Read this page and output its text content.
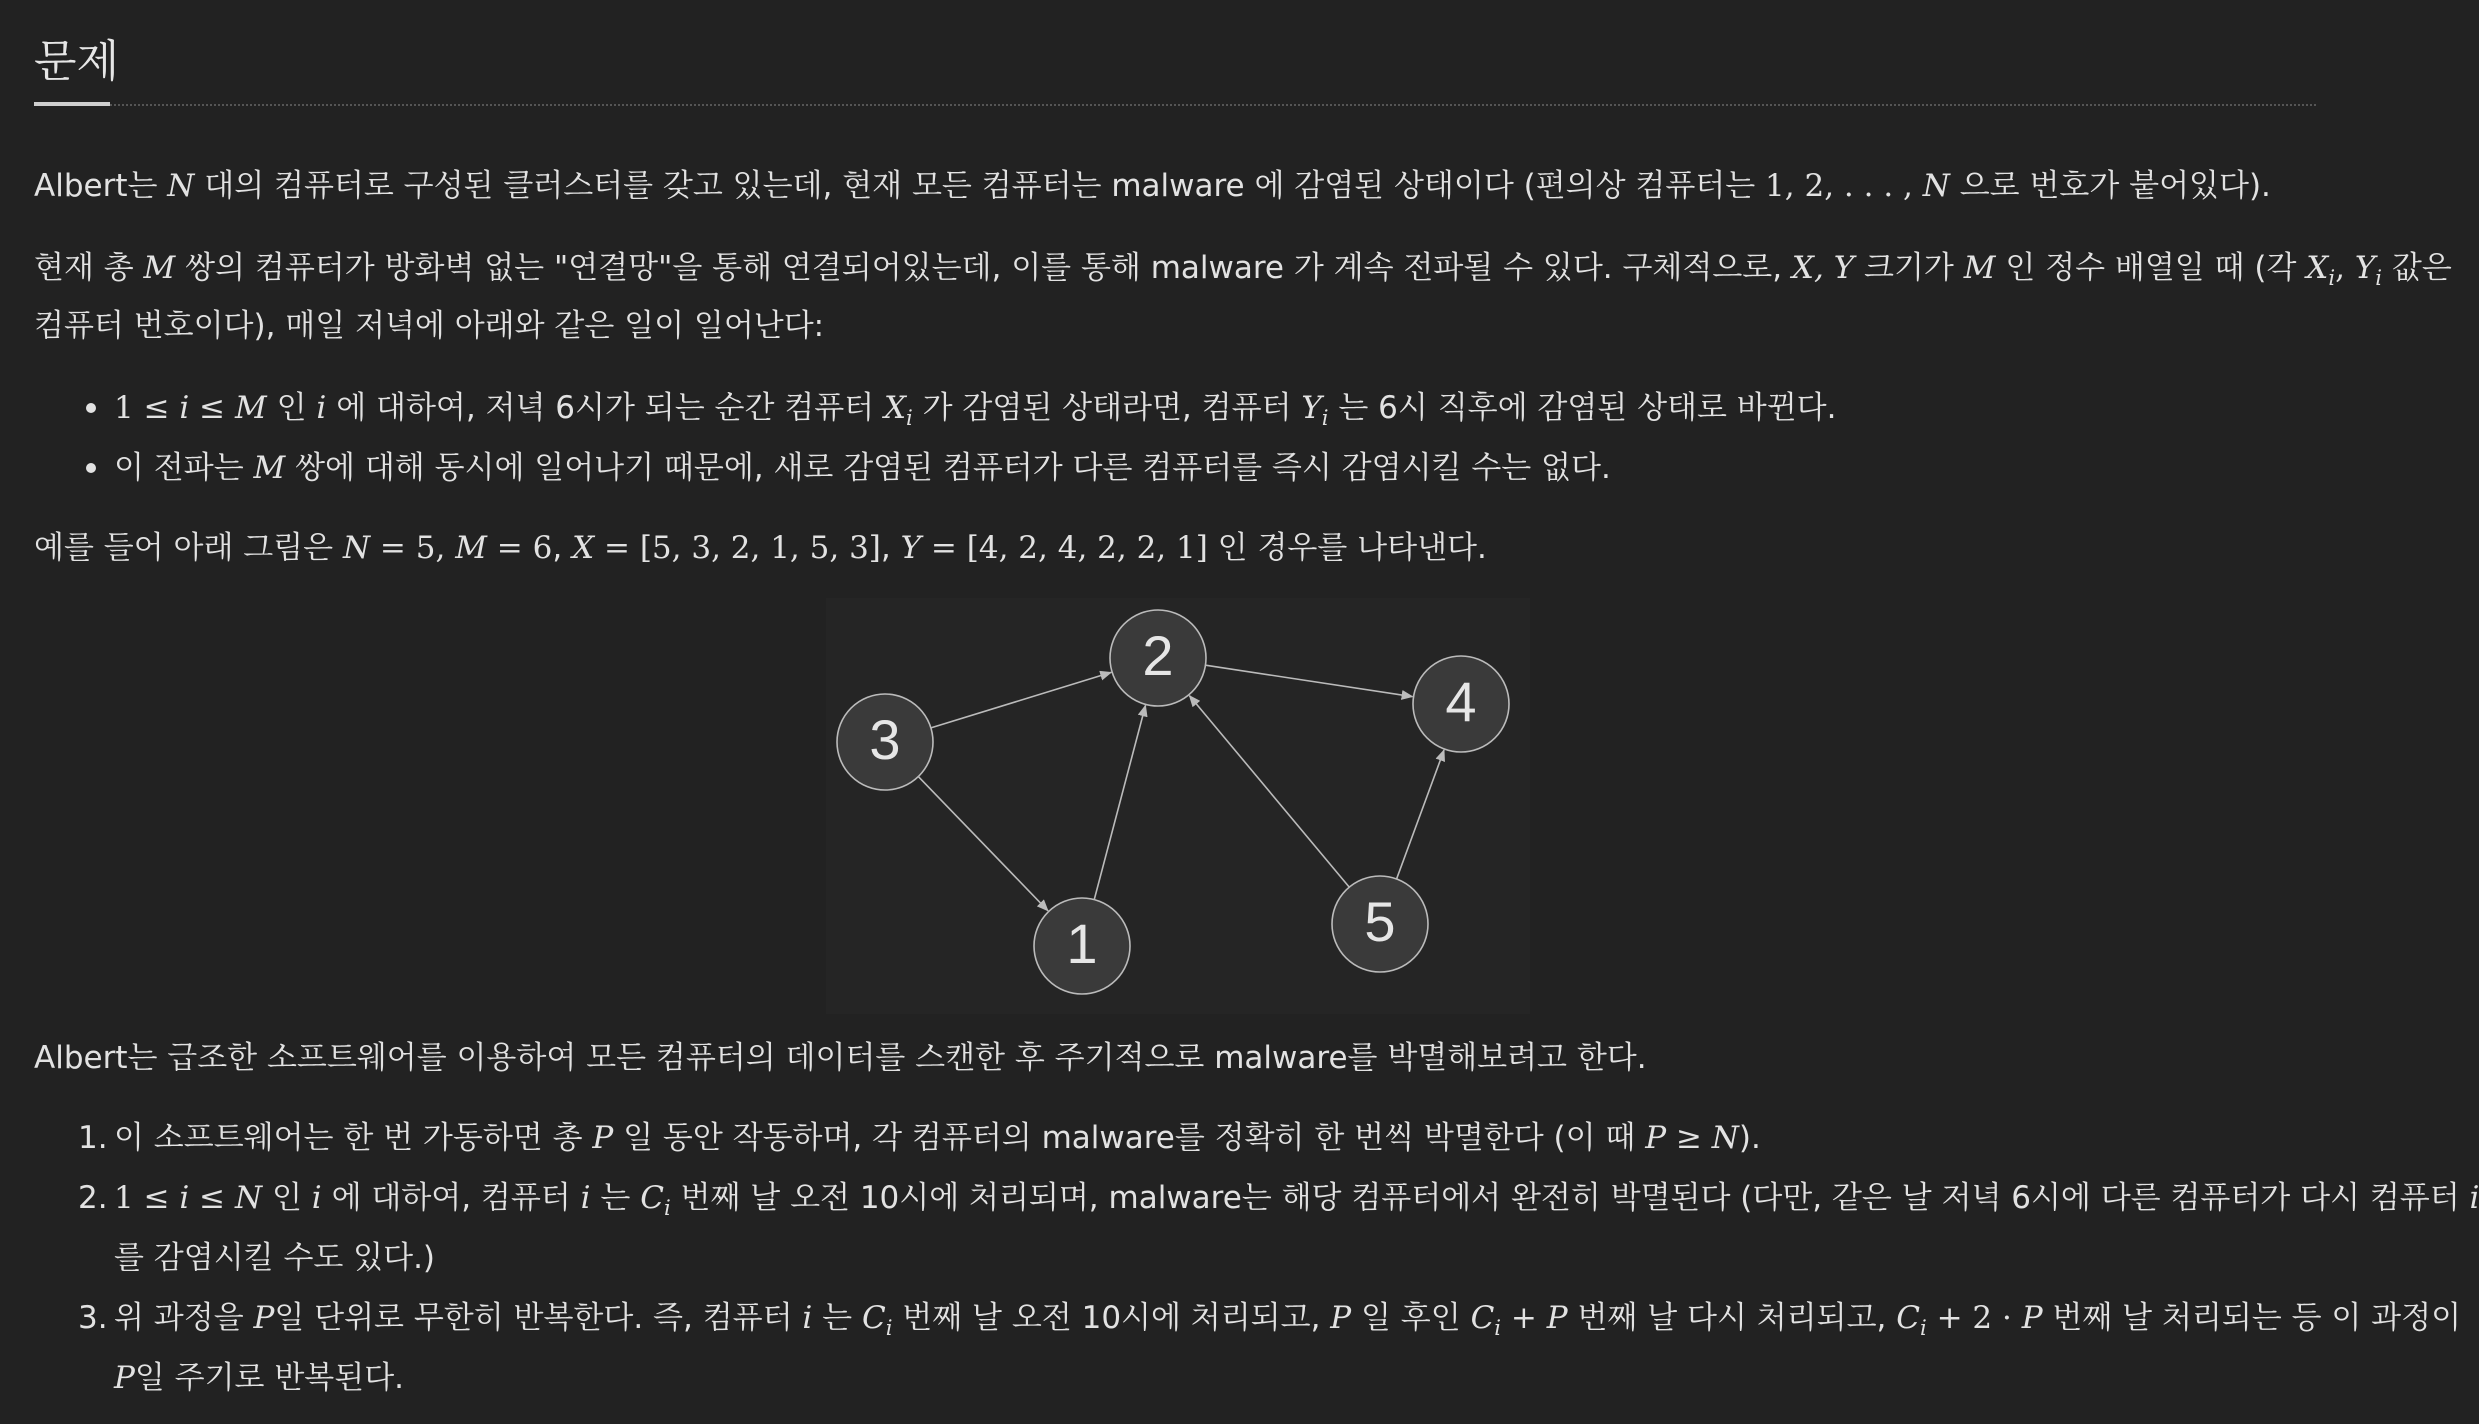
문제
Albert는 N 대의 컴퓨터로 구성된 클러스터를 갖고 있는데, 현재 모든 컴퓨터는 malware 에 감염된 상태이다 (편의상 컴퓨터는 1, 2, . . . , N 으로 번호가 붙어있다).
현재 총 M 쌍의 컴퓨터가 방화벽 없는 "연결망"을 통해 연결되어있는데, 이를 통해 malware 가 계속 전파될 수 있다. 구체적으로, X, Y 크기가 M 인 정수 배열일 때 (각 $X_i$, $Y_i$ 값은
컴퓨터 번호이다), 매일 저녁에 아래와 같은 일이 일어난다:
1 ≤ i ≤ M 인 i 에 대하여, 저녁 6시가 되는 순간 컴퓨터 $X_i$ 가 감염된 상태라면, 컴퓨터 $Y_i$ 는 6시 직후에 감염된 상태로 바뀐다.
이 전파는 M 쌍에 대해 동시에 일어나기 때문에, 새로 감염된 컴퓨터가 다른 컴퓨터를 즉시 감염시킬 수는 없다.
예를 들어 아래 그림은 N = 5, M = 6, X = [5, 3, 2, 1, 5, 3], Y = [4, 2, 4, 2, 2, 1] 인 경우를 나타낸다.
1
2
3
4
5
Albert는 급조한 소프트웨어를 이용하여 모든 컴퓨터의 데이터를 스캔한 후 주기적으로 malware를 박멸해보려고 한다.
1. 이 소프트웨어는 한 번 가동하면 총 P 일 동안 작동하며, 각 컴퓨터의 malware를 정확히 한 번씩 박멸한다 (이 때 P ≥ N).
2. 1 ≤ i ≤ N 인 i 에 대하여, 컴퓨터 i 는 $C_i$ 번째 날 오전 10시에 처리되며, malware는 해당 컴퓨터에서 완전히 박멸된다 (다만, 같은 날 저녁 6시에 다른 컴퓨터가 다시 컴퓨터 i
를 감염시킬 수도 있다.)
3. 위 과정을 P일 단위로 무한히 반복한다. 즉, 컴퓨터 i 는 $C_i$ 번째 날 오전 10시에 처리되고, P 일 후인 $C_i + P$ 번째 날 다시 처리되고, $C_i + 2 \cdot P$ 번째 날 처리되는 등 이 과정이
P일 주기로 반복된다.
